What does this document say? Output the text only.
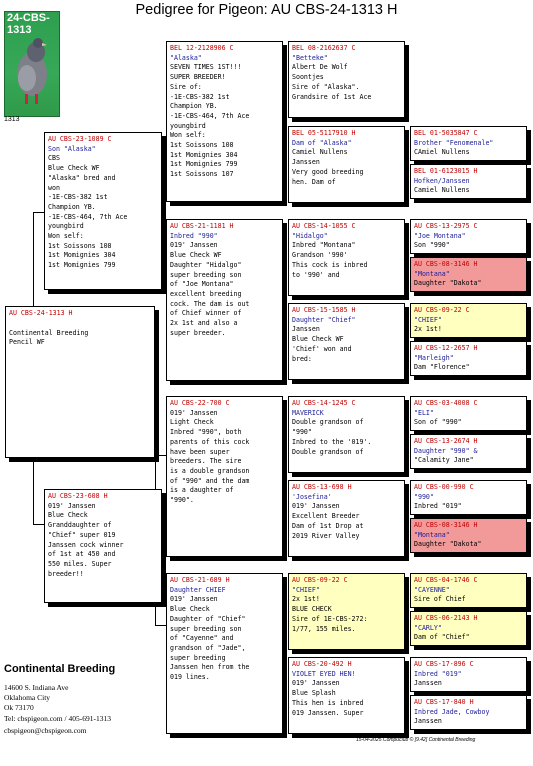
Pedigree for Pigeon: AU CBS-24-1313 H
24-CBS-1313
1313
AU CBS-24-1313 H
Continental Breeding
Pencil WF
AU CBS-23-1089 C
Son "Alaska"
CBS
Blue Check WF
"Alaska" bred and
won
-1E-CBS-382 1st
Champion YB.
-1E-CBS-464, 7th Ace
youngbird
Won self:
1st Soissons 108
1st Momignies 304
1st Momignies 799
AU CBS-23-608 H
019' Janssen
Blue Check
Granddaughter of
"Chief" super 019
Janssen cock winner
of 1st at 450 and
550 miles. Super
breeder!!
BEL 12-2128906 C
"Alaska"
SEVEN TIMES 1ST!!!
SUPER BREEDER!
Sire of:
-1E-CBS-382 1st
Champion YB.
-1E-CBS-464, 7th Ace
youngbird
Won self:
1st Soissons 108
1st Momignies 304
1st Momignies 799
1st Soissons 107
AU CBS-21-1181 H
Inbred "990"
019' Janssen
Blue Check WF
Daughter "Hidalgo"
super breeding son
of "Joe Montana"
excellent breeding
cock. The dam is out
of Chief winner of
2x 1st and also a
super breeder.
AU CBS-22-700 C
019' Janssen
Light Check
Inbred "990", both
parents of this cock
have been super
breeders. The sire
is a double grandson
of "990" and the dam
is a daughter of
"990".
AU CBS-21-689 H
Daughter CHIEF
019' Janssen
Blue Check
Daughter of "Chief"
super breeding son
of "Cayenne" and
grandson of "Jade",
super breeding
Janssen hen from the
019 lines.
BEL 08-2162637 C
"Betteke"
Albert De Wolf
Soontjes
Sire of "Alaska".
Grandsire of 1st Ace
BEL 05-5117910 H
Dam of "Alaska"
Camiel Nullens
Janssen
Very good breeding
hen. Dam of
AU CBS-14-1055 C
"Hidalgo"
Inbred "Montana"
Grandson '990'
This cock is inbred
to '990' and
AU CBS-15-1585 H
Daughter "Chief"
Janssen
Blue Check WF
'Chief' won and
bred:
AU CBS-14-1245 C
MAVERICK
Double grandson of
"990"
Inbred to the '019'.
Double grandson of
AU CBS-13-698 H
'Josefina'
019' Janssen
Excellent Breeder
Dam of 1st Drop at
2019 River Valley
AU CBS-09-22 C
"CHIEF"
2x 1st!
BLUE CHECK
Sire of 1E-CBS-272:
1/77, 155 miles.
AU CBS-20-492 H
VIOLET EYED HEN!
019' Janssen
Blue Splash
This hen is inbred
019 Janssen. Super
BEL 01-5035847 C
Brother "Fenomenale"
CAmiel Nullens
BEL 01-6123015 H
Hofken/Janssen
Camiel Nullens
AU CBS-13-2975 C
"Joe Montana"
Son "990"
AU CBS-08-3146 H
"Montana"
Daughter "Dakota"
AU CBS-09-22 C
"CHIEF"
2x 1st!
AU CBS-12-2657 H
"Marleigh"
Dam "Florence"
AU CBS-03-4008 C
"ELI"
Son of "990"
AU CBS-13-2674 H
Daughter "990" &
"Calamity Jane"
AU CBS-00-990 C
"990"
Inbred "019"
AU CBS-08-3146 H
"Montana"
Daughter "Dakota"
AU CBS-04-1746 C
"CAYENNE"
Sire of Chief
AU CBS-06-2143 H
"CARLY"
Dam of "Chief"
AU CBS-17-896 C
Inbred "019"
Janssen
AU CBS-17-840 H
Inbred Jade, Cowboy
Janssen
Continental Breeding
14600 S. Indiana Ave
Oklahoma City
Ok 73170
Tel: cbspigeon.com / 405-691-1313
cbspigeon@cbspigeon.com
15-04-2025 Compuclub © [9.42] Continental Breeding
